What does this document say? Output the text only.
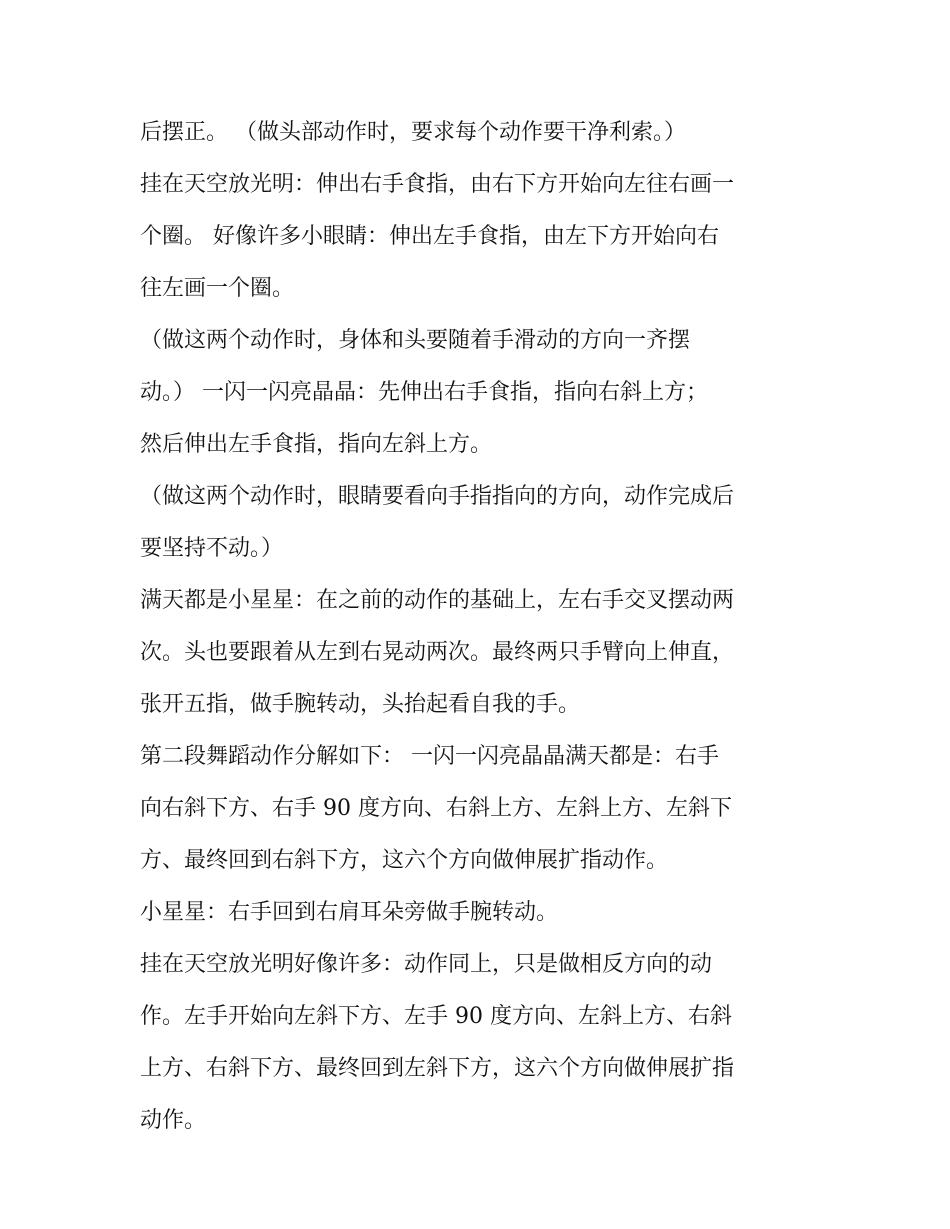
后摆正。 （做头部动作时，要求每个动作要干净利索。）
挂在天空放光明：伸出右手食指，由右下方开始向左往右画一
个圈。 好像许多小眼睛：伸出左手食指，由左下方开始向右
往左画一个圈。
（做这两个动作时，身体和头要随着手滑动的方向一齐摆
动。） 一闪一闪亮晶晶：先伸出右手食指，指向右斜上方；
然后伸出左手食指，指向左斜上方。
（做这两个动作时，眼睛要看向手指指向的方向，动作完成后
要坚持不动。）
满天都是小星星：在之前的动作的基础上，左右手交叉摆动两
次。头也要跟着从左到右晃动两次。最终两只手臂向上伸直，
张开五指，做手腕转动，头抬起看自我的手。
第二段舞蹈动作分解如下： 一闪一闪亮晶晶满天都是：右手
向右斜下方、右手 90 度方向、右斜上方、左斜上方、左斜下
方、最终回到右斜下方，这六个方向做伸展扩指动作。
小星星：右手回到右肩耳朵旁做手腕转动。
挂在天空放光明好像许多：动作同上，只是做相反方向的动
作。左手开始向左斜下方、左手 90 度方向、左斜上方、右斜
上方、右斜下方、最终回到左斜下方，这六个方向做伸展扩指
动作。
